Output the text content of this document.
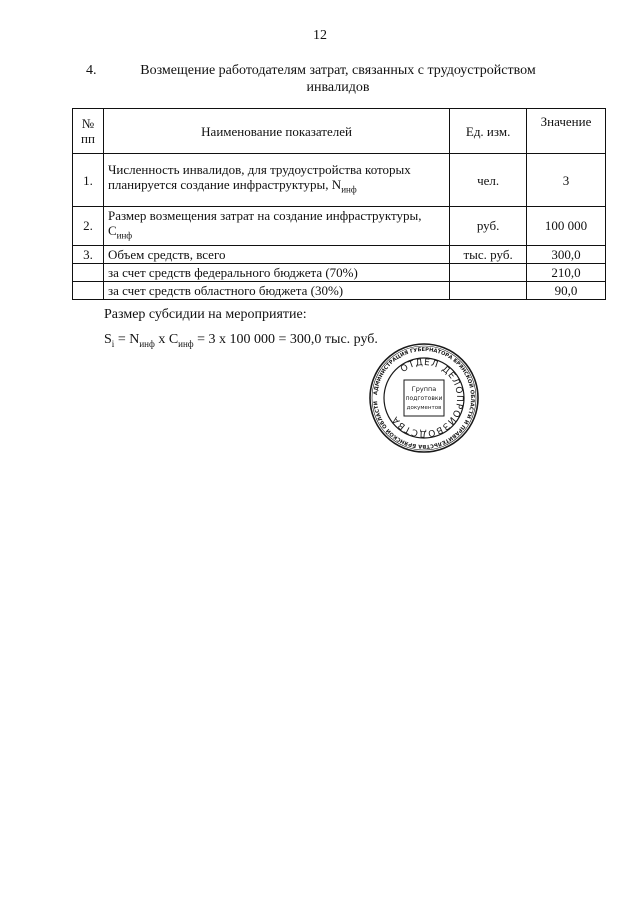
12
4.	Возмещение работодателям затрат, связанных с трудоустройством инвалидов
№ пп	Наименование показателей	Ед. изм.	Значение
1.	Численность инвалидов, для трудоустройства которых планируется создание инфраструктуры, $N_{инф}$	чел.	3
2.	Размер возмещения затрат на создание инфраструктуры, $С_{инф}$	руб.	100 000
3.	Объем средств, всего	тыс. руб.	300,0
	за счет средств федерального бюджета (70%)		210,0
	за счет средств областного бюджета (30%)		90,0
Размер субсидии на мероприятие:
$S_i = N_{инф}$ х $С_{инф} = 3$ х 100 000 = 300,0 тыс. руб.
АДМИНИСТРАЦИЯ ГУБЕРНАТОРА БРЯНСКОЙ ОБЛАСТИ И ПРАВИТЕЛЬСТВА БРЯНСКОЙ ОБЛАСТИ
ОТДЕЛ ДЕЛОПРОИЗВОДСТВА
Группа
подготовки
документов
